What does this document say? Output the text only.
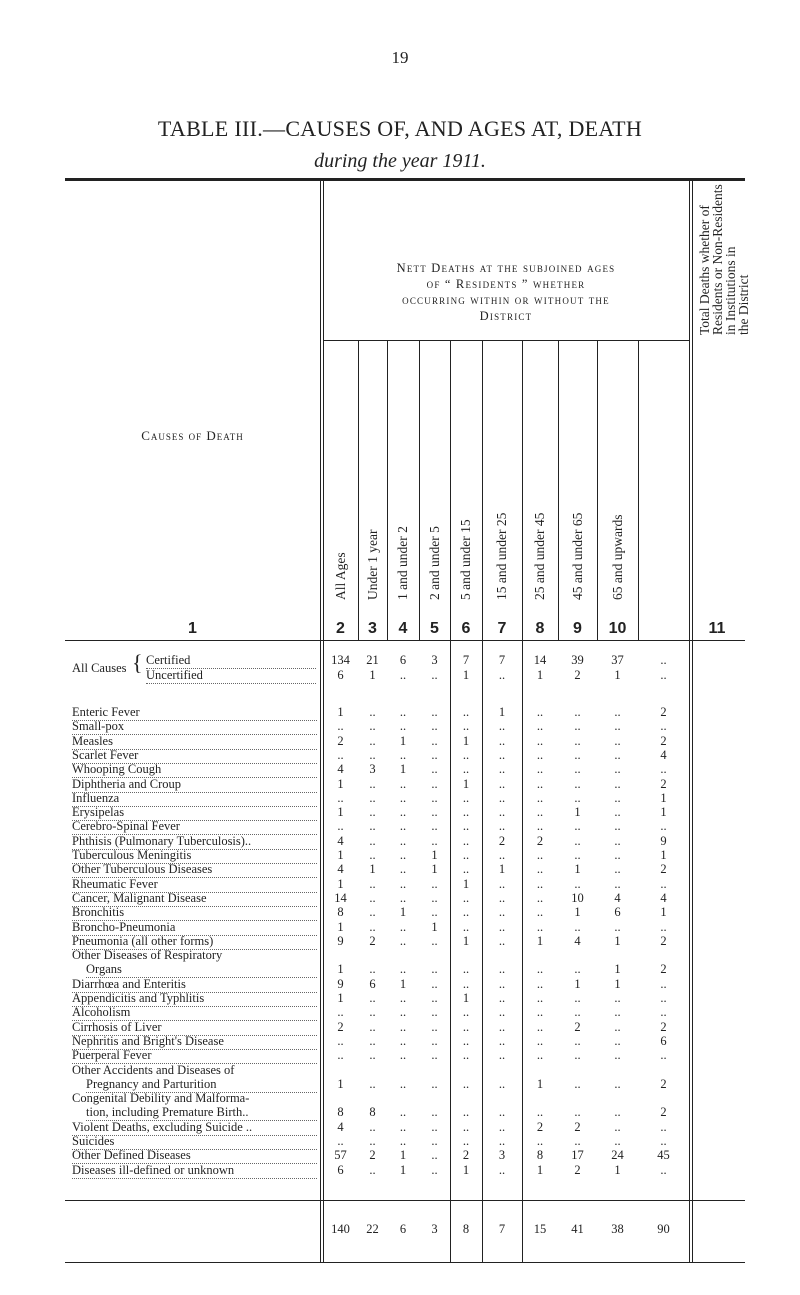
19
TABLE III.—CAUSES OF, AND AGES AT, DEATH
during the year 1911.
Causes of Death
1
Nett Deaths at the subjoined ages
of “ Residents ” whether
occurring within or without the
District
All Ages
2
Under 1 year
3
1 and under 2
4
2 and under 5
5
5 and under 15
6
15 and under 25
7
25 and under 45
8
45 and under 65
9
65 and upwards
10
Total Deaths whether of
Residents or Non-Residents
in Institutions in
the District
11
All Causes { Certified
Uncertified
134	21	6	3	7	7	14	39	37	..
6	1	..	..	1	..	1	2	1	..
Enteric Fever	1	..	..	..	..	1	..	..	..	2
Small-pox	..	..	..	..	..	..	..	..	..	..
Measles	2	..	1	..	1	..	..	..	..	2
Scarlet Fever	..	..	..	..	..	..	..	..	..	4
Whooping Cough	4	3	1	..	..	..	..	..	..	..
Diphtheria and Croup	1	..	..	..	1	..	..	..	..	2
Influenza	..	..	..	..	..	..	..	..	..	1
Erysipelas	1	..	..	..	..	..	..	1	..	1
Cerebro-Spinal Fever	..	..	..	..	..	..	..	..	..	..
Phthisis (Pulmonary Tuberculosis)..	4	..	..	..	..	2	2	..	..	9
Tuberculous Meningitis	1	..	..	1	..	..	..	..	..	1
Other Tuberculous Diseases	4	1	..	1	..	1	..	1	..	2
Rheumatic Fever	1	..	..	..	1	..	..	..	..	..
Cancer, Malignant Disease	14	..	..	..	..	..	..	10	4	4
Bronchitis	8	..	1	..	..	..	..	1	6	1
Broncho-Pneumonia	1	..	..	1	..	..	..	..	..	..
Pneumonia (all other forms)	9	2	..	..	1	..	1	4	1	2
Other Diseases of Respiratory
Organs	1	..	..	..	..	..	..	..	1	2
Diarrhœa and Enteritis	9	6	1	..	..	..	..	1	1	..
Appendicitis and Typhlitis	1	..	..	..	1	..	..	..	..	..
Alcoholism	..	..	..	..	..	..	..	..	..	..
Cirrhosis of Liver	2	..	..	..	..	..	..	2	..	2
Nephritis and Bright's Disease	..	..	..	..	..	..	..	..	..	6
Puerperal Fever	..	..	..	..	..	..	..	..	..	..
Other Accidents and Diseases of
Pregnancy and Parturition	1	..	..	..	..	..	1	..	..	2
Congenital Debility and Malforma-
tion, including Premature Birth..	8	8	..	..	..	..	..	..	..	2
Violent Deaths, excluding Suicide ..	4	..	..	..	..	..	2	2	..	..
Suicides	..	..	..	..	..	..	..	..	..	..
Other Defined Diseases	57	2	1	..	2	3	8	17	24	45
Diseases ill-defined or unknown	6	..	1	..	1	..	1	2	1	..
140	22	6	3	8	7	15	41	38	90
